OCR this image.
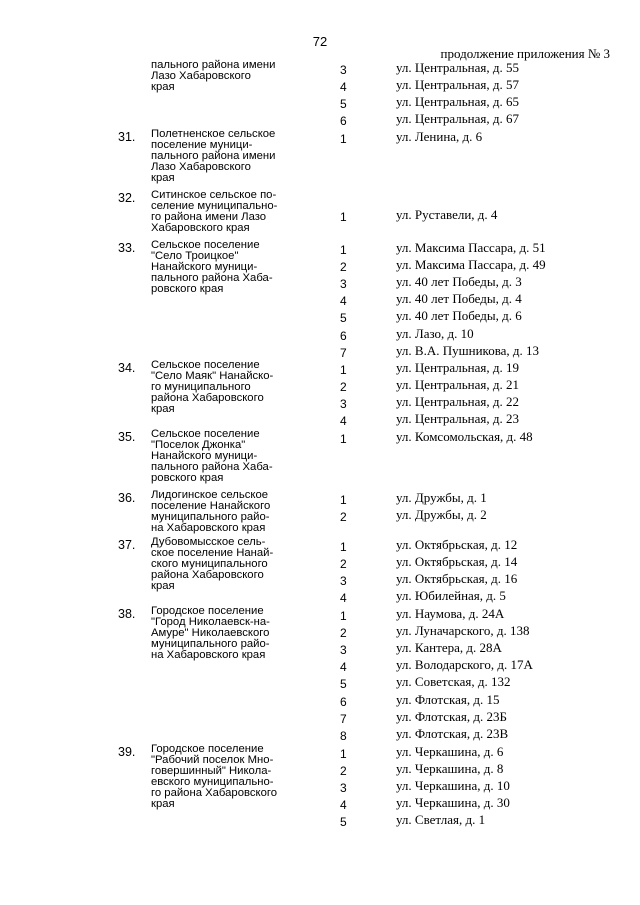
72
продолжение приложения № 3
пального района имени
Лазо Хабаровского
края
3	ул. Центральная, д. 55
4	ул. Центральная, д. 57
5	ул. Центральная, д. 65
6	ул. Центральная, д. 67
31. Полетненское сельское
поселение муници-
пального района имени
Лазо Хабаровского
края
1	ул. Ленина, д. 6
32. Ситинское сельское по-
селение муниципально-
го района имени Лазо
Хабаровского края
1	ул. Руставели, д. 4
33. Сельское поселение
"Село Троицкое"
Нанайского муници-
пального района Хаба-
ровского края
1	ул. Максима Пассара, д. 51
2	ул. Максима Пассара, д. 49
3	ул. 40 лет Победы, д. 3
4	ул. 40 лет Победы, д. 4
5	ул. 40 лет Победы, д. 6
6	ул. Лазо, д. 10
7	ул. В.А. Пушникова, д. 13
34. Сельское поселение
"Село Маяк" Нанайско-
го муниципального
района Хабаровского
края
1	ул. Центральная, д. 19
2	ул. Центральная, д. 21
3	ул. Центральная, д. 22
4	ул. Центральная, д. 23
35. Сельское поселение
"Поселок Джонка"
Нанайского муници-
пального района Хаба-
ровского края
1	ул. Комсомольская, д. 48
36. Лидогинское сельское
поселение Нанайского
муниципального райо-
на Хабаровского края
1	ул. Дружбы, д. 1
2	ул. Дружбы, д. 2
37. Дубовомысское сель-
ское поселение Нанай-
ского муниципального
района Хабаровского
края
1	ул. Октябрьская, д. 12
2	ул. Октябрьская, д. 14
3	ул. Октябрьская, д. 16
4	ул. Юбилейная, д. 5
38. Городское поселение
"Город Николаевск-на-
Амуре" Николаевского
муниципального райо-
на Хабаровского края
1	ул. Наумова, д. 24А
2	ул. Луначарского, д. 138
3	ул. Кантера, д. 28А
4	ул. Володарского, д. 17А
5	ул. Советская, д. 132
6	ул. Флотская, д. 15
7	ул. Флотская, д. 23Б
8	ул. Флотская, д. 23В
39. Городское поселение
"Рабочий поселок Мно-
говершинный" Никола-
евского муниципально-
го района Хабаровского
края
1	ул. Черкашина, д. 6
2	ул. Черкашина, д. 8
3	ул. Черкашина, д. 10
4	ул. Черкашина, д. 30
5	ул. Светлая, д. 1
